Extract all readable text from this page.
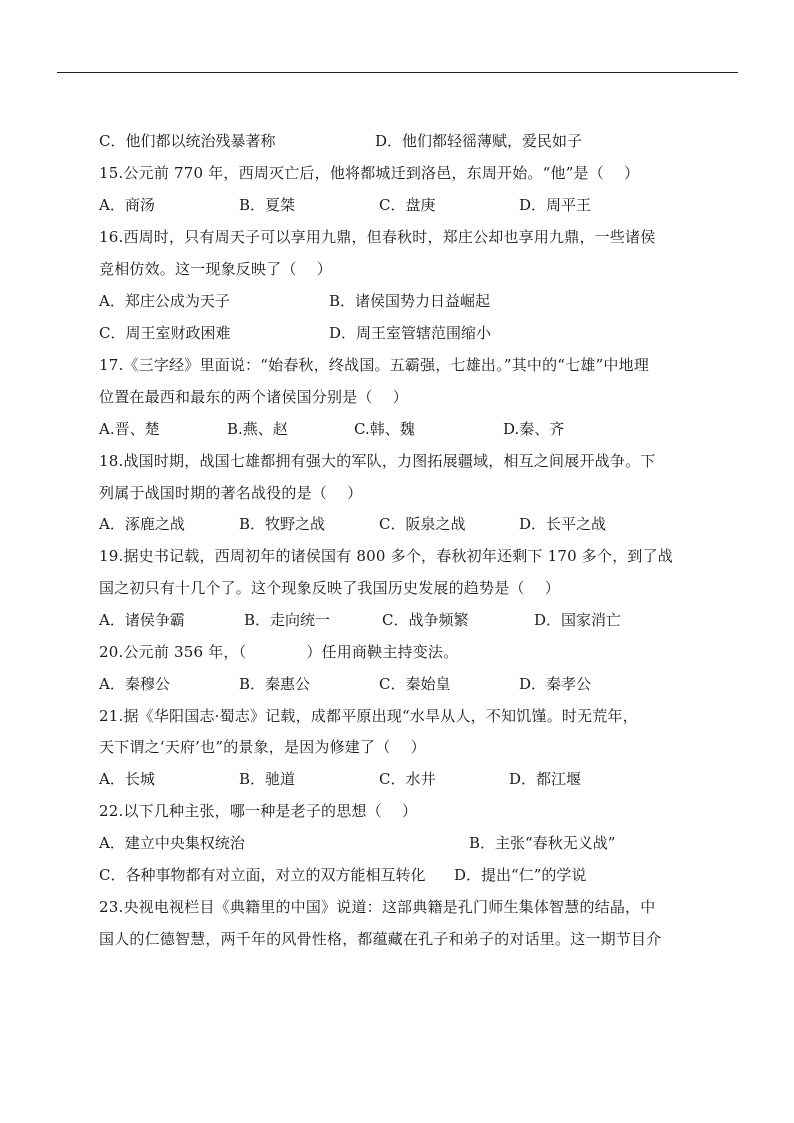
C．他们都以统治残暴著称	D．他们都轻徭薄赋，爱民如子
15.公元前 770 年，西周灭亡后，他将都城迁到洛邑，东周开始。“他”是（　 ）
A．商汤	B．夏桀	C．盘庚	D．周平王
16.西周时，只有周天子可以享用九鼎，但春秋时，郑庄公却也享用九鼎，一些诸侯
竞相仿效。这一现象反映了（　 ）
A．郑庄公成为天子	B．诸侯国势力日益崛起
C．周王室财政困难	D．周王室管辖范围缩小
17.《三字经》里面说：“始春秋，终战国。五霸强，七雄出。”其中的“七雄”中地理
位置在最西和最东的两个诸侯国分别是（　 ）
A.晋、楚	B.燕、赵	C.韩、魏	D.秦、齐
18.战国时期，战国七雄都拥有强大的军队，力图拓展疆域，相互之间展开战争。下
列属于战国时期的著名战役的是（　 ）
A．涿鹿之战	B．牧野之战	C．阪泉之战	D．长平之战
19.据史书记载，西周初年的诸侯国有 800 多个，春秋初年还剩下 170 多个，到了战
国之初只有十几个了。这个现象反映了我国历史发展的趋势是（　 ）
A．诸侯争霸	B．走向统一	C．战争频繁	D．国家消亡
20.公元前 356 年，（	）任用商鞅主持变法。
A．秦穆公	B．秦惠公	C．秦始皇	D．秦孝公
21.据《华阳国志·蜀志》记载，成都平原出现“水旱从人，不知饥馑。时无荒年，
天下谓之‘天府’也”的景象，是因为修建了（　 ）
A．长城	B．驰道	C．水井	D．都江堰
22.以下几种主张，哪一种是老子的思想（　 ）
A．建立中央集权统治	B．主张“春秋无义战”
C．各种事物都有对立面，对立的双方能相互转化 D．提出“仁”的学说
23.央视电视栏目《典籍里的中国》说道：这部典籍是孔门师生集体智慧的结晶，中
国人的仁德智慧，两千年的风骨性格，都蕴藏在孔子和弟子的对话里。这一期节目介
